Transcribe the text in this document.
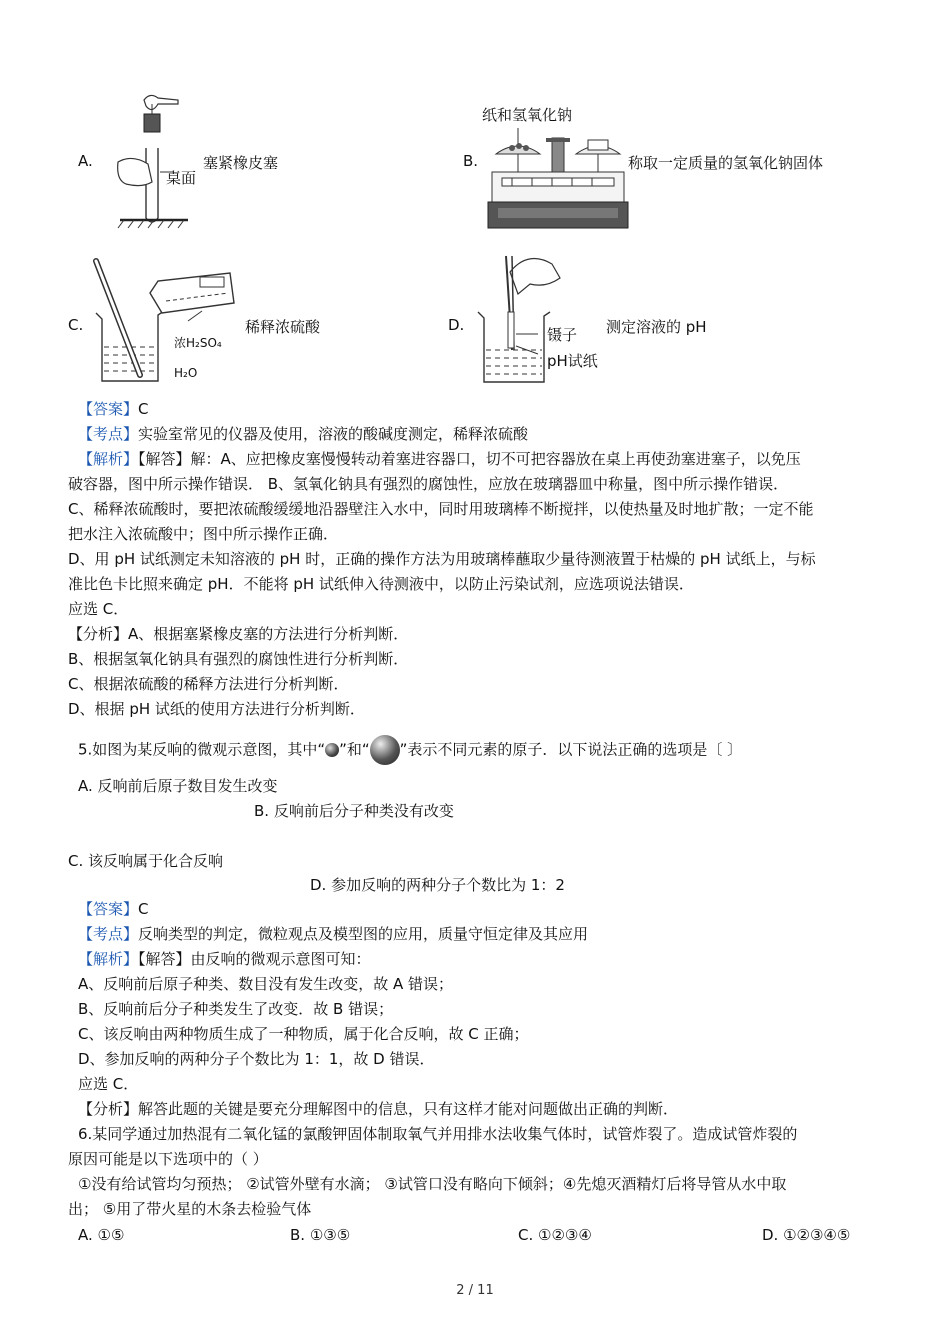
A.	塞紧橡皮塞
桌面
B.
纸和氢氧化钠
称取一定质量的氢氧化钠固体
C.
浓H₂SO₄
H₂O
稀释浓硫酸	D.
镊子
pH试纸
测定溶液的 pH
【答案】C
【考点】实验室常见的仪器及使用，溶液的酸碱度测定，稀释浓硫酸
【解析】【解答】解：A、应把橡皮塞慢慢转动着塞进容器口，切不可把容器放在桌上再使劲塞进塞子，以免压
破容器，图中所示操作错误． B、氢氧化钠具有强烈的腐蚀性，应放在玻璃器皿中称量，图中所示操作错误．
C、稀释浓硫酸时，要把浓硫酸缓缓地沿器壁注入水中，同时用玻璃棒不断搅拌，以使热量及时地扩散；一定不能
把水注入浓硫酸中；图中所示操作正确．
D、用 pH 试纸测定未知溶液的 pH 时，正确的操作方法为用玻璃棒蘸取少量待测液置于枯燥的 pH 试纸上，与标
准比色卡比照来确定 pH．不能将 pH 试纸伸入待测液中，以防止污染试剂，应选项说法错误．
应选 C．
【分析】A、根据塞紧橡皮塞的方法进行分析判断．
B、根据氢氧化钠具有强烈的腐蚀性进行分析判断．
C、根据浓硫酸的稀释方法进行分析判断．
D、根据 pH 试纸的使用方法进行分析判断．
5.如图为某反响的微观示意图，其中“ ”和“ ”表示不同元素的原子．以下说法正确的选项是〔 〕
A. 反响前后原子数目发生改变
B. 反响前后分子种类没有改变
C. 该反响属于化合反响
D. 参加反响的两种分子个数比为 1：2
【答案】C
【考点】反响类型的判定，微粒观点及模型图的应用，质量守恒定律及其应用
【解析】【解答】由反响的微观示意图可知：
A、反响前后原子种类、数目没有发生改变，故 A 错误；
B、反响前后分子种类发生了改变．故 B 错误；
C、该反响由两种物质生成了一种物质，属于化合反响，故 C 正确；
D、参加反响的两种分子个数比为 1：1，故 D 错误．
应选 C．
【分析】解答此题的关键是要充分理解图中的信息，只有这样才能对问题做出正确的判断．
6.某同学通过加热混有二氧化锰的氯酸钾固体制取氧气并用排水法收集气体时，试管炸裂了。造成试管炸裂的
原因可能是以下选项中的（ ）
①没有给试管均匀预热； ②试管外壁有水滴； ③试管口没有略向下倾斜；④先熄灭酒精灯后将导管从水中取
出； ⑤用了带火星的木条去检验气体
A. ①⑤	B. ①③⑤	C. ①②③④	D. ①②③④⑤
2 / 11
